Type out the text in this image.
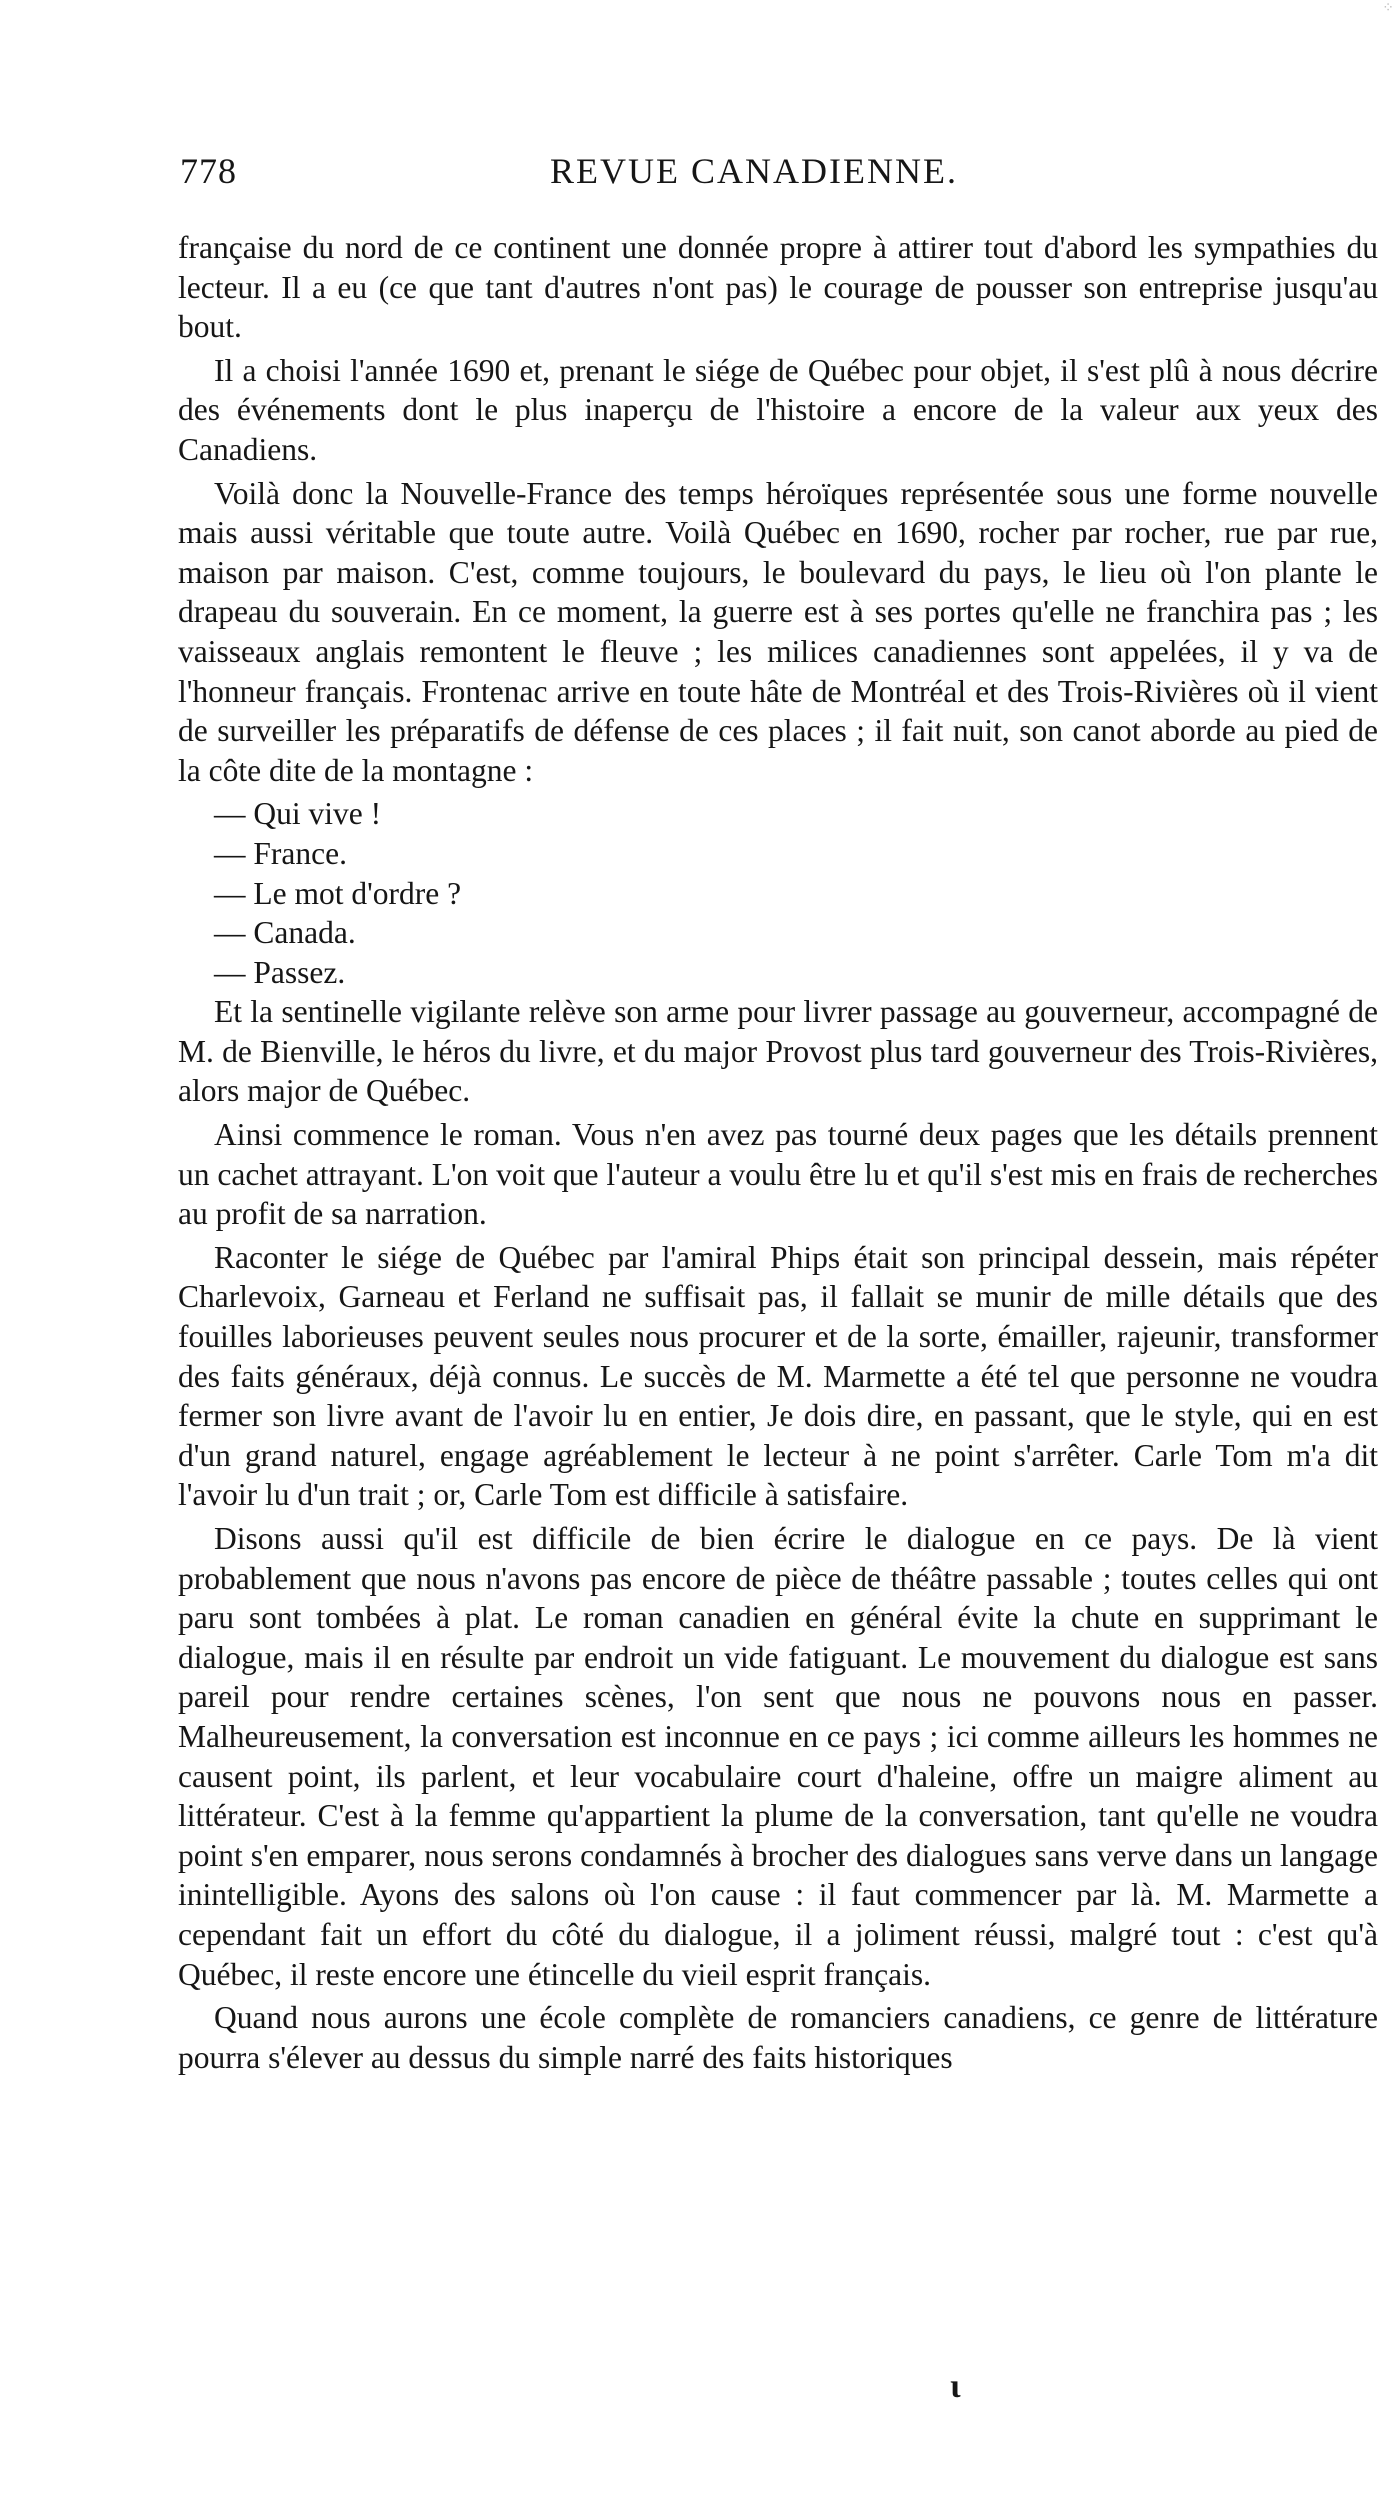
⁘
778	REVUE CANADIENNE.

française du nord de ce continent une donnée propre à attirer tout d'abord les sympathies du lecteur. Il a eu (ce que tant d'autres n'ont pas) le courage de pousser son entreprise jusqu'au bout.

Il a choisi l'année 1690 et, prenant le siége de Québec pour objet, il s'est plû à nous décrire des événements dont le plus inaperçu de l'histoire a encore de la valeur aux yeux des Canadiens.

Voilà donc la Nouvelle-France des temps héroïques représentée sous une forme nouvelle mais aussi véritable que toute autre. Voilà Québec en 1690, rocher par rocher, rue par rue, maison par maison. C'est, comme toujours, le boulevard du pays, le lieu où l'on plante le drapeau du souverain. En ce moment, la guerre est à ses portes qu'elle ne franchira pas ; les vaisseaux anglais remontent le fleuve ; les milices canadiennes sont appelées, il y va de l'honneur français. Frontenac arrive en toute hâte de Montréal et des Trois-Rivières où il vient de surveiller les préparatifs de défense de ces places ; il fait nuit, son canot aborde au pied de la côte dite de la montagne :

— Qui vive !

— France.

— Le mot d'ordre ?

— Canada.

— Passez.

Et la sentinelle vigilante relève son arme pour livrer passage au gouverneur, accompagné de M. de Bienville, le héros du livre, et du major Provost plus tard gouverneur des Trois-Rivières, alors major de Québec.

Ainsi commence le roman. Vous n'en avez pas tourné deux pages que les détails prennent un cachet attrayant. L'on voit que l'auteur a voulu être lu et qu'il s'est mis en frais de recherches au profit de sa narration.

Raconter le siége de Québec par l'amiral Phips était son principal dessein, mais répéter Charlevoix, Garneau et Ferland ne suffisait pas, il fallait se munir de mille détails que des fouilles laborieuses peuvent seules nous procurer et de la sorte, émailler, rajeunir, transformer des faits généraux, déjà connus. Le succès de M. Marmette a été tel que personne ne voudra fermer son livre avant de l'avoir lu en entier, Je dois dire, en passant, que le style, qui en est d'un grand naturel, engage agréablement le lecteur à ne point s'arrêter. Carle Tom m'a dit l'avoir lu d'un trait ; or, Carle Tom est difficile à satisfaire.

Disons aussi qu'il est difficile de bien écrire le dialogue en ce pays. De là vient probablement que nous n'avons pas encore de pièce de théâtre passable ; toutes celles qui ont paru sont tombées à plat. Le roman canadien en général évite la chute en supprimant le dialogue, mais il en résulte par endroit un vide fatiguant. Le mouvement du dialogue est sans pareil pour rendre certaines scènes, l'on sent que nous ne pouvons nous en passer. Malheureusement, la conversation est inconnue en ce pays ; ici comme ailleurs les hommes ne causent point, ils parlent, et leur vocabulaire court d'haleine, offre un maigre aliment au littérateur. C'est à la femme qu'appartient la plume de la conversation, tant qu'elle ne voudra point s'en emparer, nous serons condamnés à brocher des dialogues sans verve dans un langage inintelligible. Ayons des salons où l'on cause : il faut commencer par là. M. Marmette a cependant fait un effort du côté du dialogue, il a joliment réussi, malgré tout : c'est qu'à Québec, il reste encore une étincelle du vieil esprit français.

Quand nous aurons une école complète de romanciers canadiens, ce genre de littérature pourra s'élever au dessus du simple narré des faits historiques

ɩ
